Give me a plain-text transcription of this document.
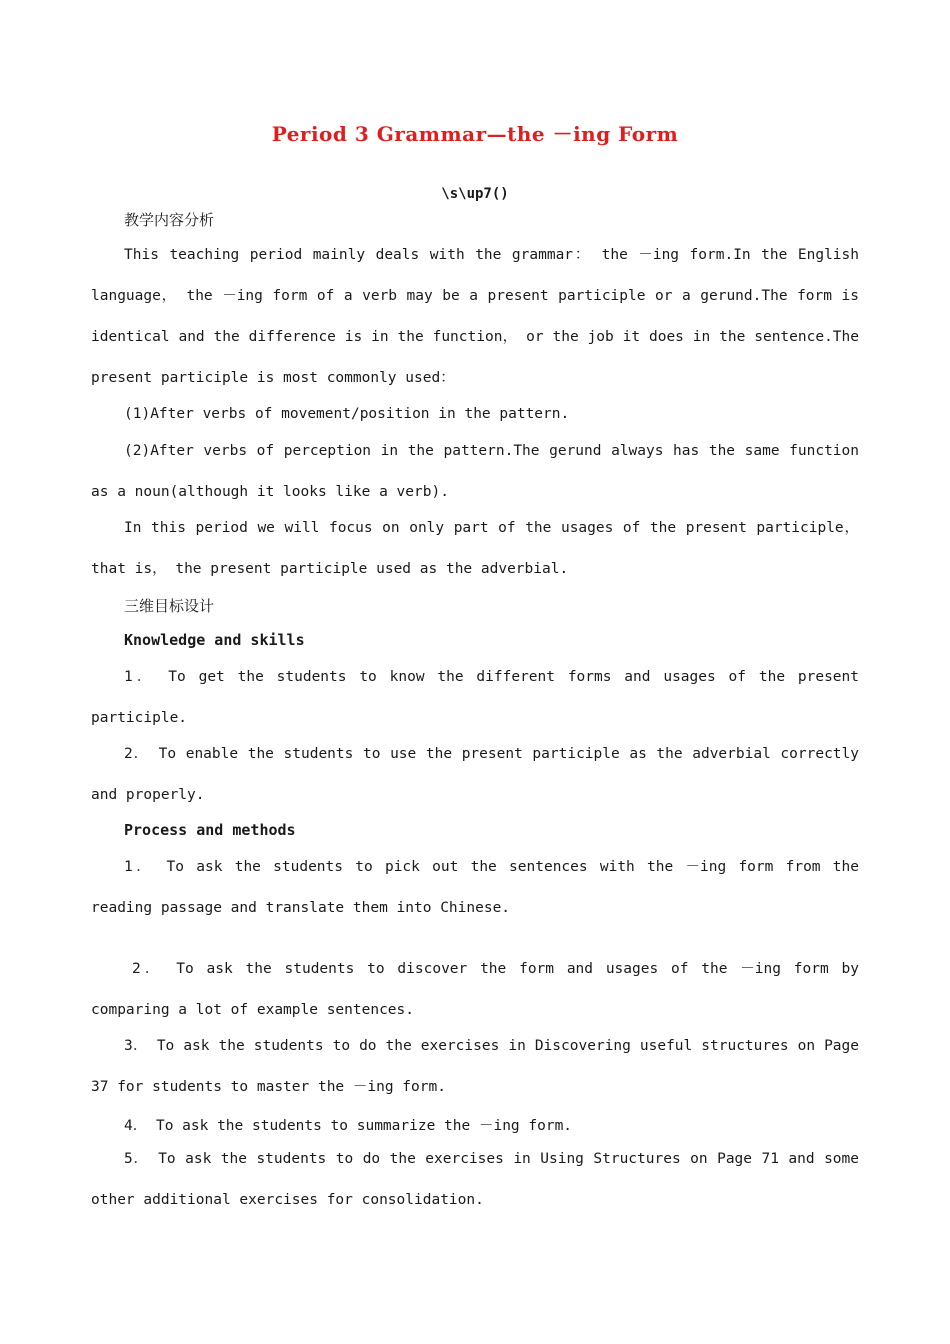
Period 3 Grammar—the －ing Form
\s\up7()
教学内容分析
This teaching period mainly deals with the grammar： the －ing form.In the English language， the －ing form of a verb may be a present participle or a gerund.The form is identical and the difference is in the function， or the job it does in the sentence.The present participle is most commonly used：
(1)After verbs of movement/position in the pattern.
(2)After verbs of perception in the pattern.The gerund always has the same function as a noun(although it looks like a verb).
In this period we will focus on only part of the usages of the present participle， that is， the present participle used as the adverbial.
三维目标设计
Knowledge and skills
1． To get the students to know the different forms and usages of the present participle.
2． To enable the students to use the present participle as the adverbial correctly and properly.
Process and methods
1． To ask the students to pick out the sentences with the －ing form from the reading passage and translate them into Chinese.
2． To ask the students to discover the form and usages of the －ing form by comparing a lot of example sentences.
3． To ask the students to do the exercises in Discovering useful structures on Page 37 for students to master the －ing form.
4． To ask the students to summarize the －ing form.
5． To ask the students to do the exercises in Using Structures on Page 71 and some other additional exercises for consolidation.
